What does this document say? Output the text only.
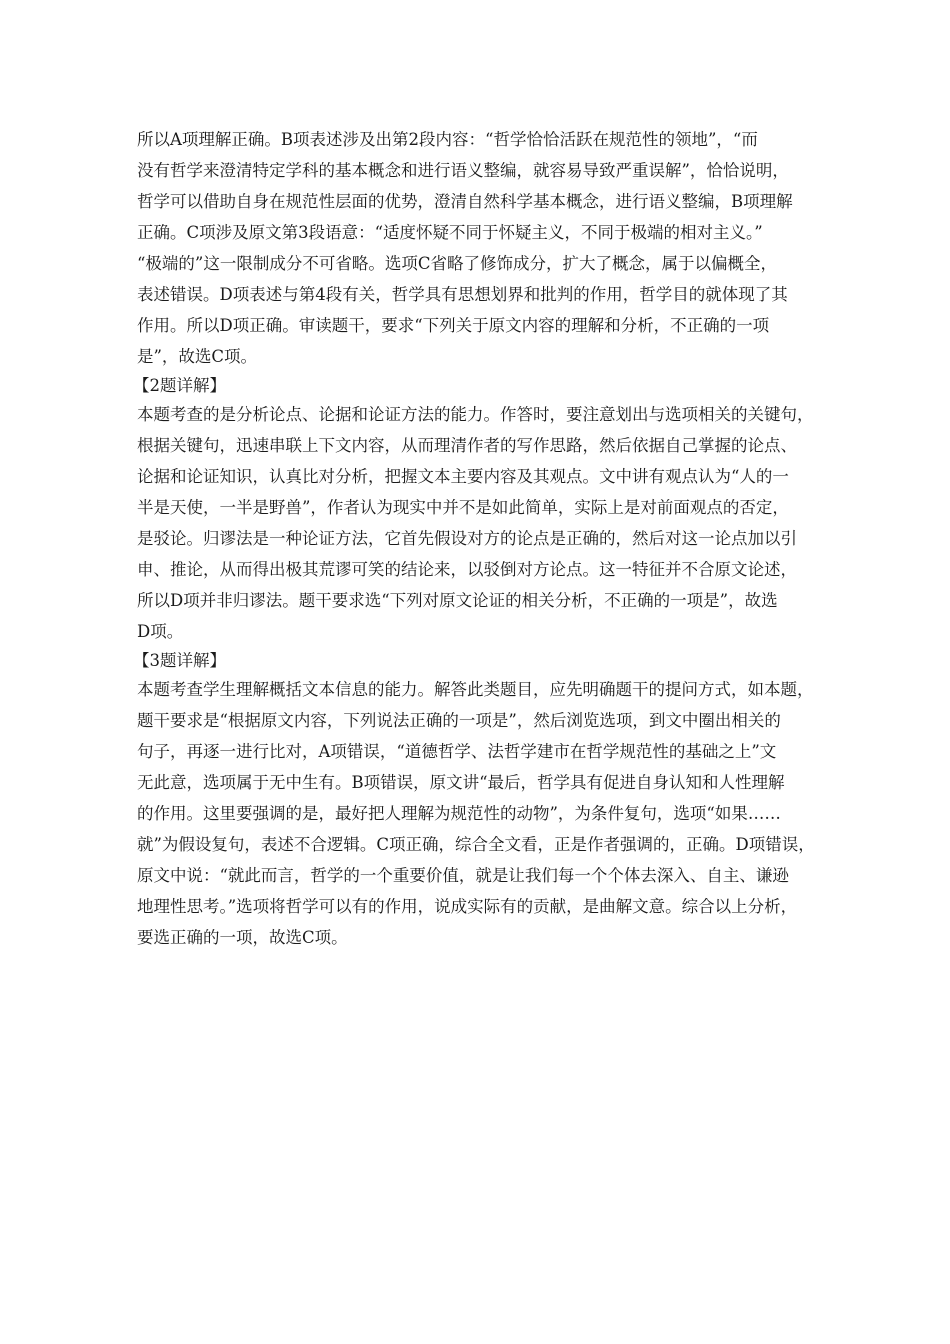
所以A项理解正确。B项表述涉及出第2段内容：“哲学恰恰活跃在规范性的领地”，“而
没有哲学来澄清特定学科的基本概念和进行语义整编，就容易导致严重误解”，恰恰说明，
哲学可以借助自身在规范性层面的优势，澄清自然科学基本概念，进行语义整编，B项理解
正确。C项涉及原文第3段语意：“适度怀疑不同于怀疑主义，不同于极端的相对主义。”
“极端的”这一限制成分不可省略。选项C省略了修饰成分，扩大了概念，属于以偏概全，
表述错误。D项表述与第4段有关，哲学具有思想划界和批判的作用，哲学目的就体现了其
作用。所以D项正确。审读题干，要求“下列关于原文内容的理解和分析，不正确的一项
是”，故选C项。
【2题详解】
本题考查的是分析论点、论据和论证方法的能力。作答时，要注意划出与选项相关的关键句，
根据关键句，迅速串联上下文内容，从而理清作者的写作思路，然后依据自己掌握的论点、
论据和论证知识，认真比对分析，把握文本主要内容及其观点。文中讲有观点认为“人的一
半是天使，一半是野兽”，作者认为现实中并不是如此简单，实际上是对前面观点的否定，
是驳论。归谬法是一种论证方法，它首先假设对方的论点是正确的，然后对这一论点加以引
申、推论，从而得出极其荒谬可笑的结论来，以驳倒对方论点。这一特征并不合原文论述，
所以D项并非归谬法。题干要求选“下列对原文论证的相关分析，不正确的一项是”，故选
D项。
【3题详解】
本题考查学生理解概括文本信息的能力。解答此类题目，应先明确题干的提问方式，如本题，
题干要求是“根据原文内容，下列说法正确的一项是”，然后浏览选项，到文中圈出相关的
句子，再逐一进行比对，A项错误，“道德哲学、法哲学建市在哲学规范性的基础之上”文
无此意，选项属于无中生有。B项错误，原文讲“最后，哲学具有促进自身认知和人性理解
的作用。这里要强调的是，最好把人理解为规范性的动物”，为条件复句，选项“如果……
就”为假设复句，表述不合逻辑。C项正确，综合全文看，正是作者强调的，正确。D项错误，
原文中说：“就此而言，哲学的一个重要价值，就是让我们每一个个体去深入、自主、谦逊
地理性思考。”选项将哲学可以有的作用，说成实际有的贡献，是曲解文意。综合以上分析，
要选正确的一项，故选C项。
